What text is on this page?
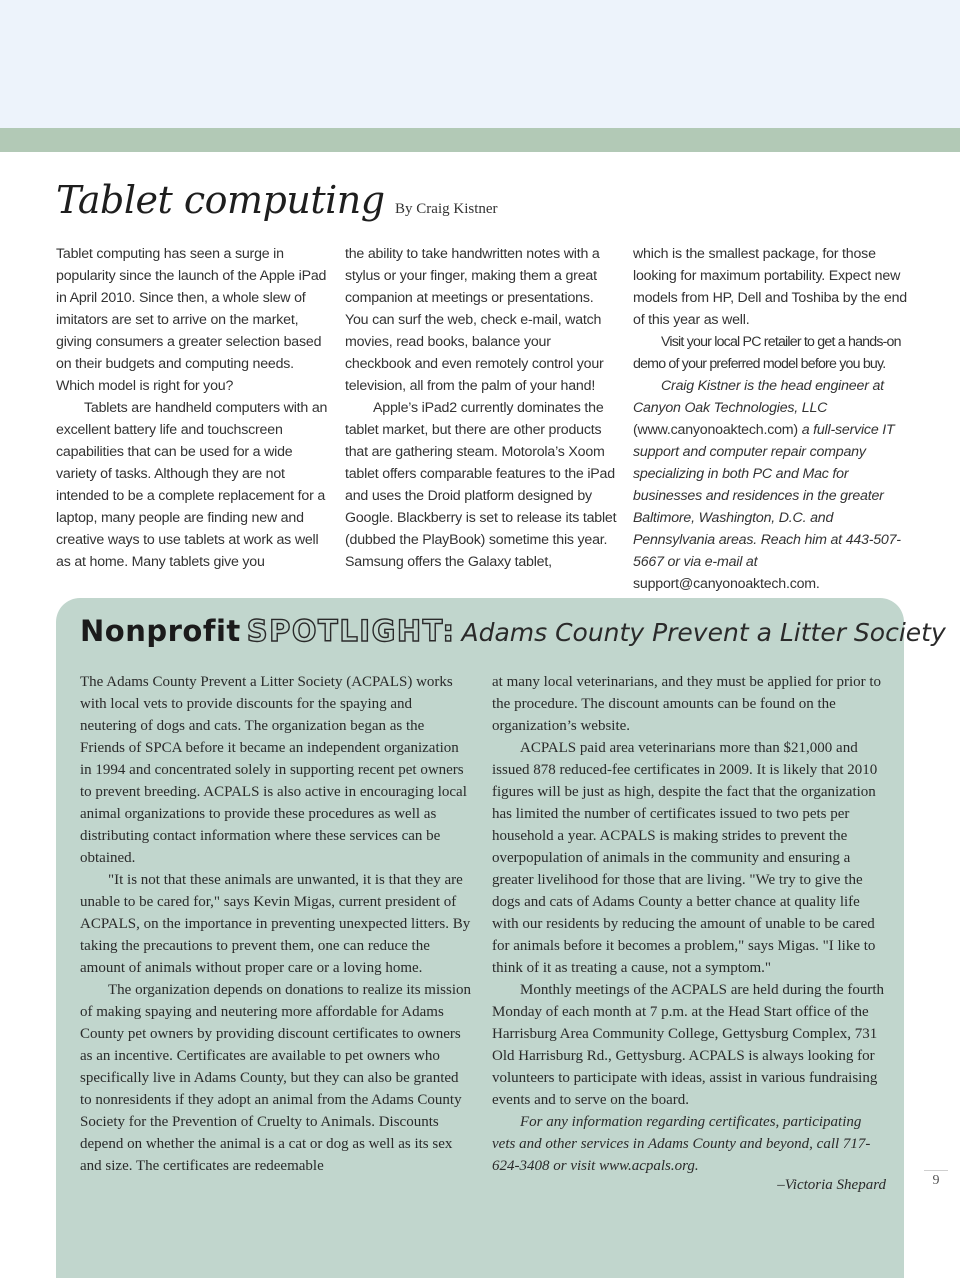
Tablet computing By Craig Kistner

Tablet computing has seen a surge in popularity since the launch of the Apple iPad in April 2010. Since then, a whole slew of imitators are set to arrive on the market, giving consumers a greater selection based on their budgets and computing needs. Which model is right for you?

Tablets are handheld computers with an excellent battery life and touchscreen capabilities that can be used for a wide variety of tasks. Although they are not intended to be a complete replacement for a laptop, many people are finding new and creative ways to use tablets at work as well as at home. Many tablets give you

the ability to take handwritten notes with a stylus or your finger, making them a great companion at meetings or presentations. You can surf the web, check e-mail, watch movies, read books, balance your checkbook and even remotely control your television, all from the palm of your hand!

Apple’s iPad2 currently dominates the tablet market, but there are other products that are gathering steam. Motorola’s Xoom tablet offers comparable features to the iPad and uses the Droid platform designed by Google. Blackberry is set to release its tablet (dubbed the PlayBook) sometime this year. Samsung offers the Galaxy tablet,

which is the smallest package, for those looking for maximum portability. Expect new models from HP, Dell and Toshiba by the end of this year as well.

Visit your local PC retailer to get a hands-on demo of your preferred model before you buy.

Craig Kistner is the head engineer at Canyon Oak Technologies, LLC (www.canyonoaktech.com) a full-service IT support and computer repair company specializing in both PC and Mac for businesses and residences in the greater Baltimore, Washington, D.C. and Pennsylvania areas. Reach him at 443-507-5667 or via e-mail at support@canyonoaktech.com.

Nonprofit SPOTLIGHT: Adams County Prevent a Litter Society

The Adams County Prevent a Litter Society (ACPALS) works with local vets to provide discounts for the spaying and neutering of dogs and cats. The organization began as the Friends of SPCA before it became an independent organization in 1994 and concentrated solely in supporting recent pet owners to prevent breeding. ACPALS is also active in encouraging local animal organizations to provide these procedures as well as distributing contact information where these services can be obtained.

"It is not that these animals are unwanted, it is that they are unable to be cared for," says Kevin Migas, current president of ACPALS, on the importance in preventing unexpected litters. By taking the precautions to prevent them, one can reduce the amount of animals without proper care or a loving home.

The organization depends on donations to realize its mission of making spaying and neutering more affordable for Adams County pet owners by providing discount certificates to owners as an incentive. Certificates are available to pet owners who specifically live in Adams County, but they can also be granted to nonresidents if they adopt an animal from the Adams County Society for the Prevention of Cruelty to Animals. Discounts depend on whether the animal is a cat or dog as well as its sex and size. The certificates are redeemable

at many local veterinarians, and they must be applied for prior to the procedure. The discount amounts can be found on the organization’s website.

ACPALS paid area veterinarians more than $21,000 and issued 878 reduced-fee certificates in 2009. It is likely that 2010 figures will be just as high, despite the fact that the organization has limited the number of certificates issued to two pets per household a year. ACPALS is making strides to prevent the overpopulation of animals in the community and ensuring a greater livelihood for those that are living. "We try to give the dogs and cats of Adams County a better chance at quality life with our residents by reducing the amount of unable to be cared for animals before it becomes a problem," says Migas. "I like to think of it as treating a cause, not a symptom."

Monthly meetings of the ACPALS are held during the fourth Monday of each month at 7 p.m. at the Head Start office of the Harrisburg Area Community College, Gettysburg Complex, 731 Old Harrisburg Rd., Gettysburg. ACPALS is always looking for volunteers to participate with ideas, assist in various fundraising events and to serve on the board.

For any information regarding certificates, participating vets and other services in Adams County and beyond, call 717-624-3408 or visit www.acpals.org.

–Victoria Shepard	9
